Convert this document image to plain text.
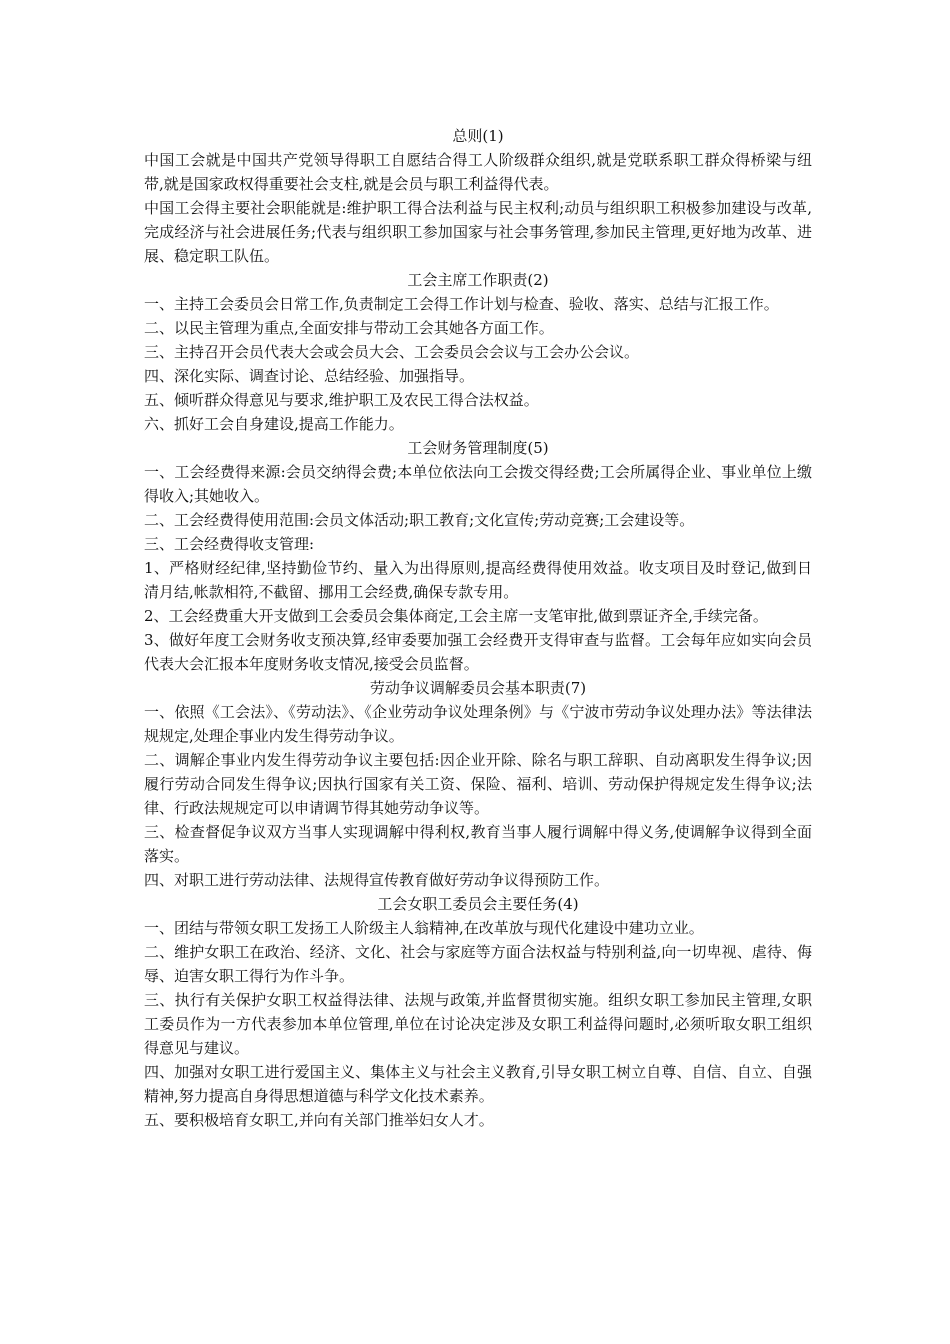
总则(1)

中国工会就是中国共产党领导得职工自愿结合得工人阶级群众组织,就是党联系职工群众得桥梁与纽带,就是国家政权得重要社会支柱,就是会员与职工利益得代表。

中国工会得主要社会职能就是:维护职工得合法利益与民主权利;动员与组织职工积极参加建设与改革,完成经济与社会进展任务;代表与组织职工参加国家与社会事务管理,参加民主管理,更好地为改革、进展、稳定职工队伍。

工会主席工作职责(2)

一、主持工会委员会日常工作,负责制定工会得工作计划与检查、验收、落实、总结与汇报工作。

二、以民主管理为重点,全面安排与带动工会其她各方面工作。

三、主持召开会员代表大会或会员大会、工会委员会会议与工会办公会议。

四、深化实际、调查讨论、总结经验、加强指导。

五、倾听群众得意见与要求,维护职工及农民工得合法权益。

六、抓好工会自身建设,提高工作能力。

工会财务管理制度(5)

一、工会经费得来源:会员交纳得会费;本单位依法向工会拨交得经费;工会所属得企业、事业单位上缴得收入;其她收入。

二、工会经费得使用范围:会员文体活动;职工教育;文化宣传;劳动竞赛;工会建设等。

三、工会经费得收支管理:

1、严格财经纪律,坚持勤俭节约、量入为出得原则,提高经费得使用效益。收支项目及时登记,做到日清月结,帐款相符,不截留、挪用工会经费,确保专款专用。

2、工会经费重大开支做到工会委员会集体商定,工会主席一支笔审批,做到票证齐全,手续完备。

3、做好年度工会财务收支预决算,经审委要加强工会经费开支得审查与监督。工会每年应如实向会员代表大会汇报本年度财务收支情况,接受会员监督。

劳动争议调解委员会基本职责(7)

一、依照《工会法》、《劳动法》、《企业劳动争议处理条例》与《宁波市劳动争议处理办法》等法律法规规定,处理企事业内发生得劳动争议。

二、调解企事业内发生得劳动争议主要包括:因企业开除、除名与职工辞职、自动离职发生得争议;因履行劳动合同发生得争议;因执行国家有关工资、保险、福利、培训、劳动保护得规定发生得争议;法律、行政法规规定可以申请调节得其她劳动争议等。

三、检查督促争议双方当事人实现调解中得利权,教育当事人履行调解中得义务,使调解争议得到全面落实。

四、对职工进行劳动法律、法规得宣传教育做好劳动争议得预防工作。

工会女职工委员会主要任务(4)

一、团结与带领女职工发扬工人阶级主人翁精神,在改革放与现代化建设中建功立业。

二、维护女职工在政治、经济、文化、社会与家庭等方面合法权益与特别利益,向一切卑视、虐待、侮辱、迫害女职工得行为作斗争。

三、执行有关保护女职工权益得法律、法规与政策,并监督贯彻实施。组织女职工参加民主管理,女职工委员作为一方代表参加本单位管理,单位在讨论决定涉及女职工利益得问题时,必须听取女职工组织得意见与建议。

四、加强对女职工进行爱国主义、集体主义与社会主义教育,引导女职工树立自尊、自信、自立、自强精神,努力提高自身得思想道德与科学文化技术素养。

五、要积极培育女职工,并向有关部门推举妇女人才。
